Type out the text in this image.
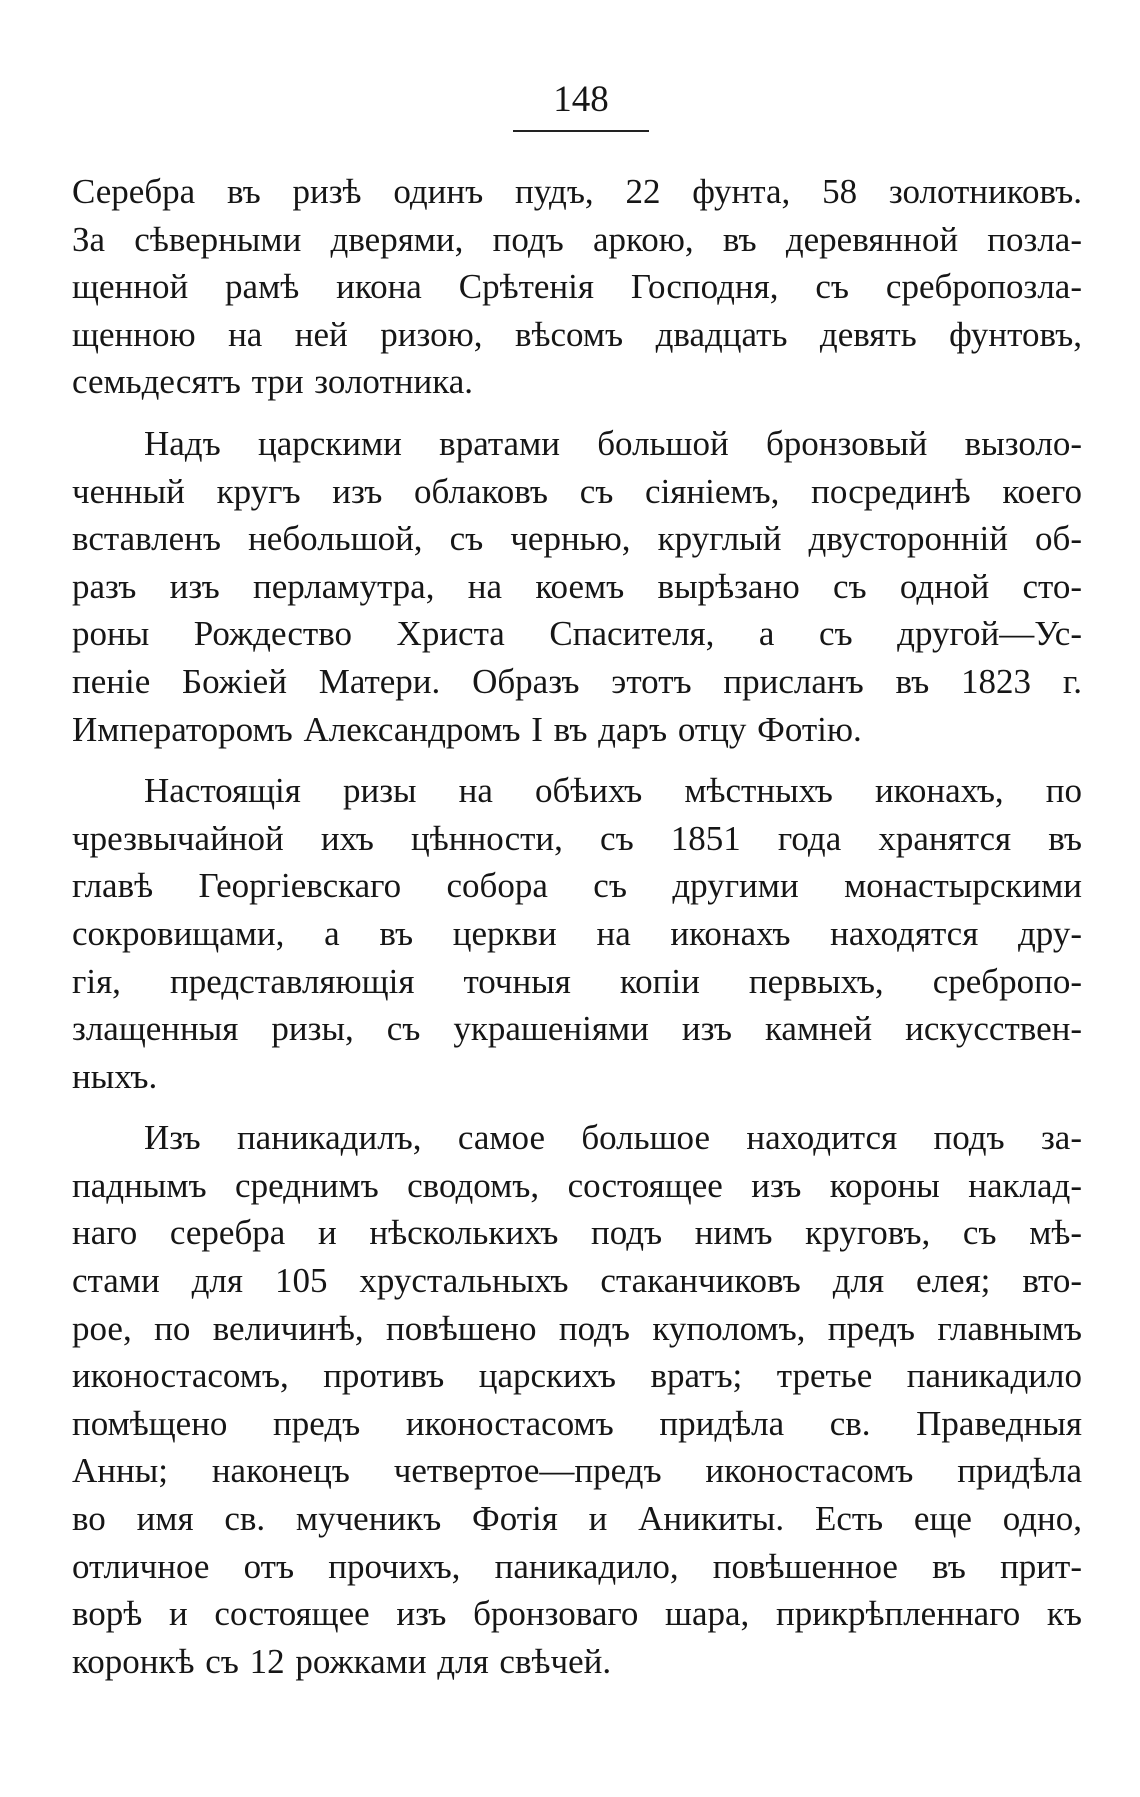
148

Серебра въ ризѣ одинъ пудъ, 22 фунта, 58 золотниковъ.
За сѣверными дверями, подъ аркою, въ деревянной позла-
щенной рамѣ икона Срѣтенія Господня, съ сребропозла-
щенною на ней ризою, вѣсомъ двадцать девять фунтовъ,
семьдесятъ три золотника.

Надъ царскими вратами большой бронзовый вызоло-
ченный кругъ изъ облаковъ съ сіяніемъ, посрединѣ коего
вставленъ небольшой, съ чернью, круглый двусторонній об-
разъ изъ перламутра, на коемъ вырѣзано съ одной сто-
роны Рождество Христа Спасителя, а съ другой—Ус-
пеніе Божіей Матери. Образъ этотъ присланъ въ 1823 г.
Императоромъ Александромъ I въ даръ отцу Фотію.

Настоящія ризы на обѣихъ мѣстныхъ иконахъ, по
чрезвычайной ихъ цѣнности, съ 1851 года хранятся въ
главѣ Георгіевскаго собора съ другими монастырскими
сокровищами, а въ церкви на иконахъ находятся дру-
гія, представляющія точныя копіи первыхъ, сребропо-
злащенныя ризы, съ украшеніями изъ камней искусствен-
ныхъ.

Изъ паникадилъ, самое большое находится подъ за-
паднымъ среднимъ сводомъ, состоящее изъ короны наклад-
наго серебра и нѣсколькихъ подъ нимъ круговъ, съ мѣ-
стами для 105 хрустальныхъ стаканчиковъ для елея; вто-
рое, по величинѣ, повѣшено подъ куполомъ, предъ главнымъ
иконостасомъ, противъ царскихъ вратъ; третье паникадило
помѣщено предъ иконостасомъ придѣла св. Праведныя
Анны; наконецъ четвертое—предъ иконостасомъ придѣла
во имя св. мученикъ Фотія и Аникиты. Есть еще одно,
отличное отъ прочихъ, паникадило, повѣшенное въ прит-
ворѣ и состоящее изъ бронзоваго шара, прикрѣпленнаго къ
коронкѣ съ 12 рожками для свѣчей.
